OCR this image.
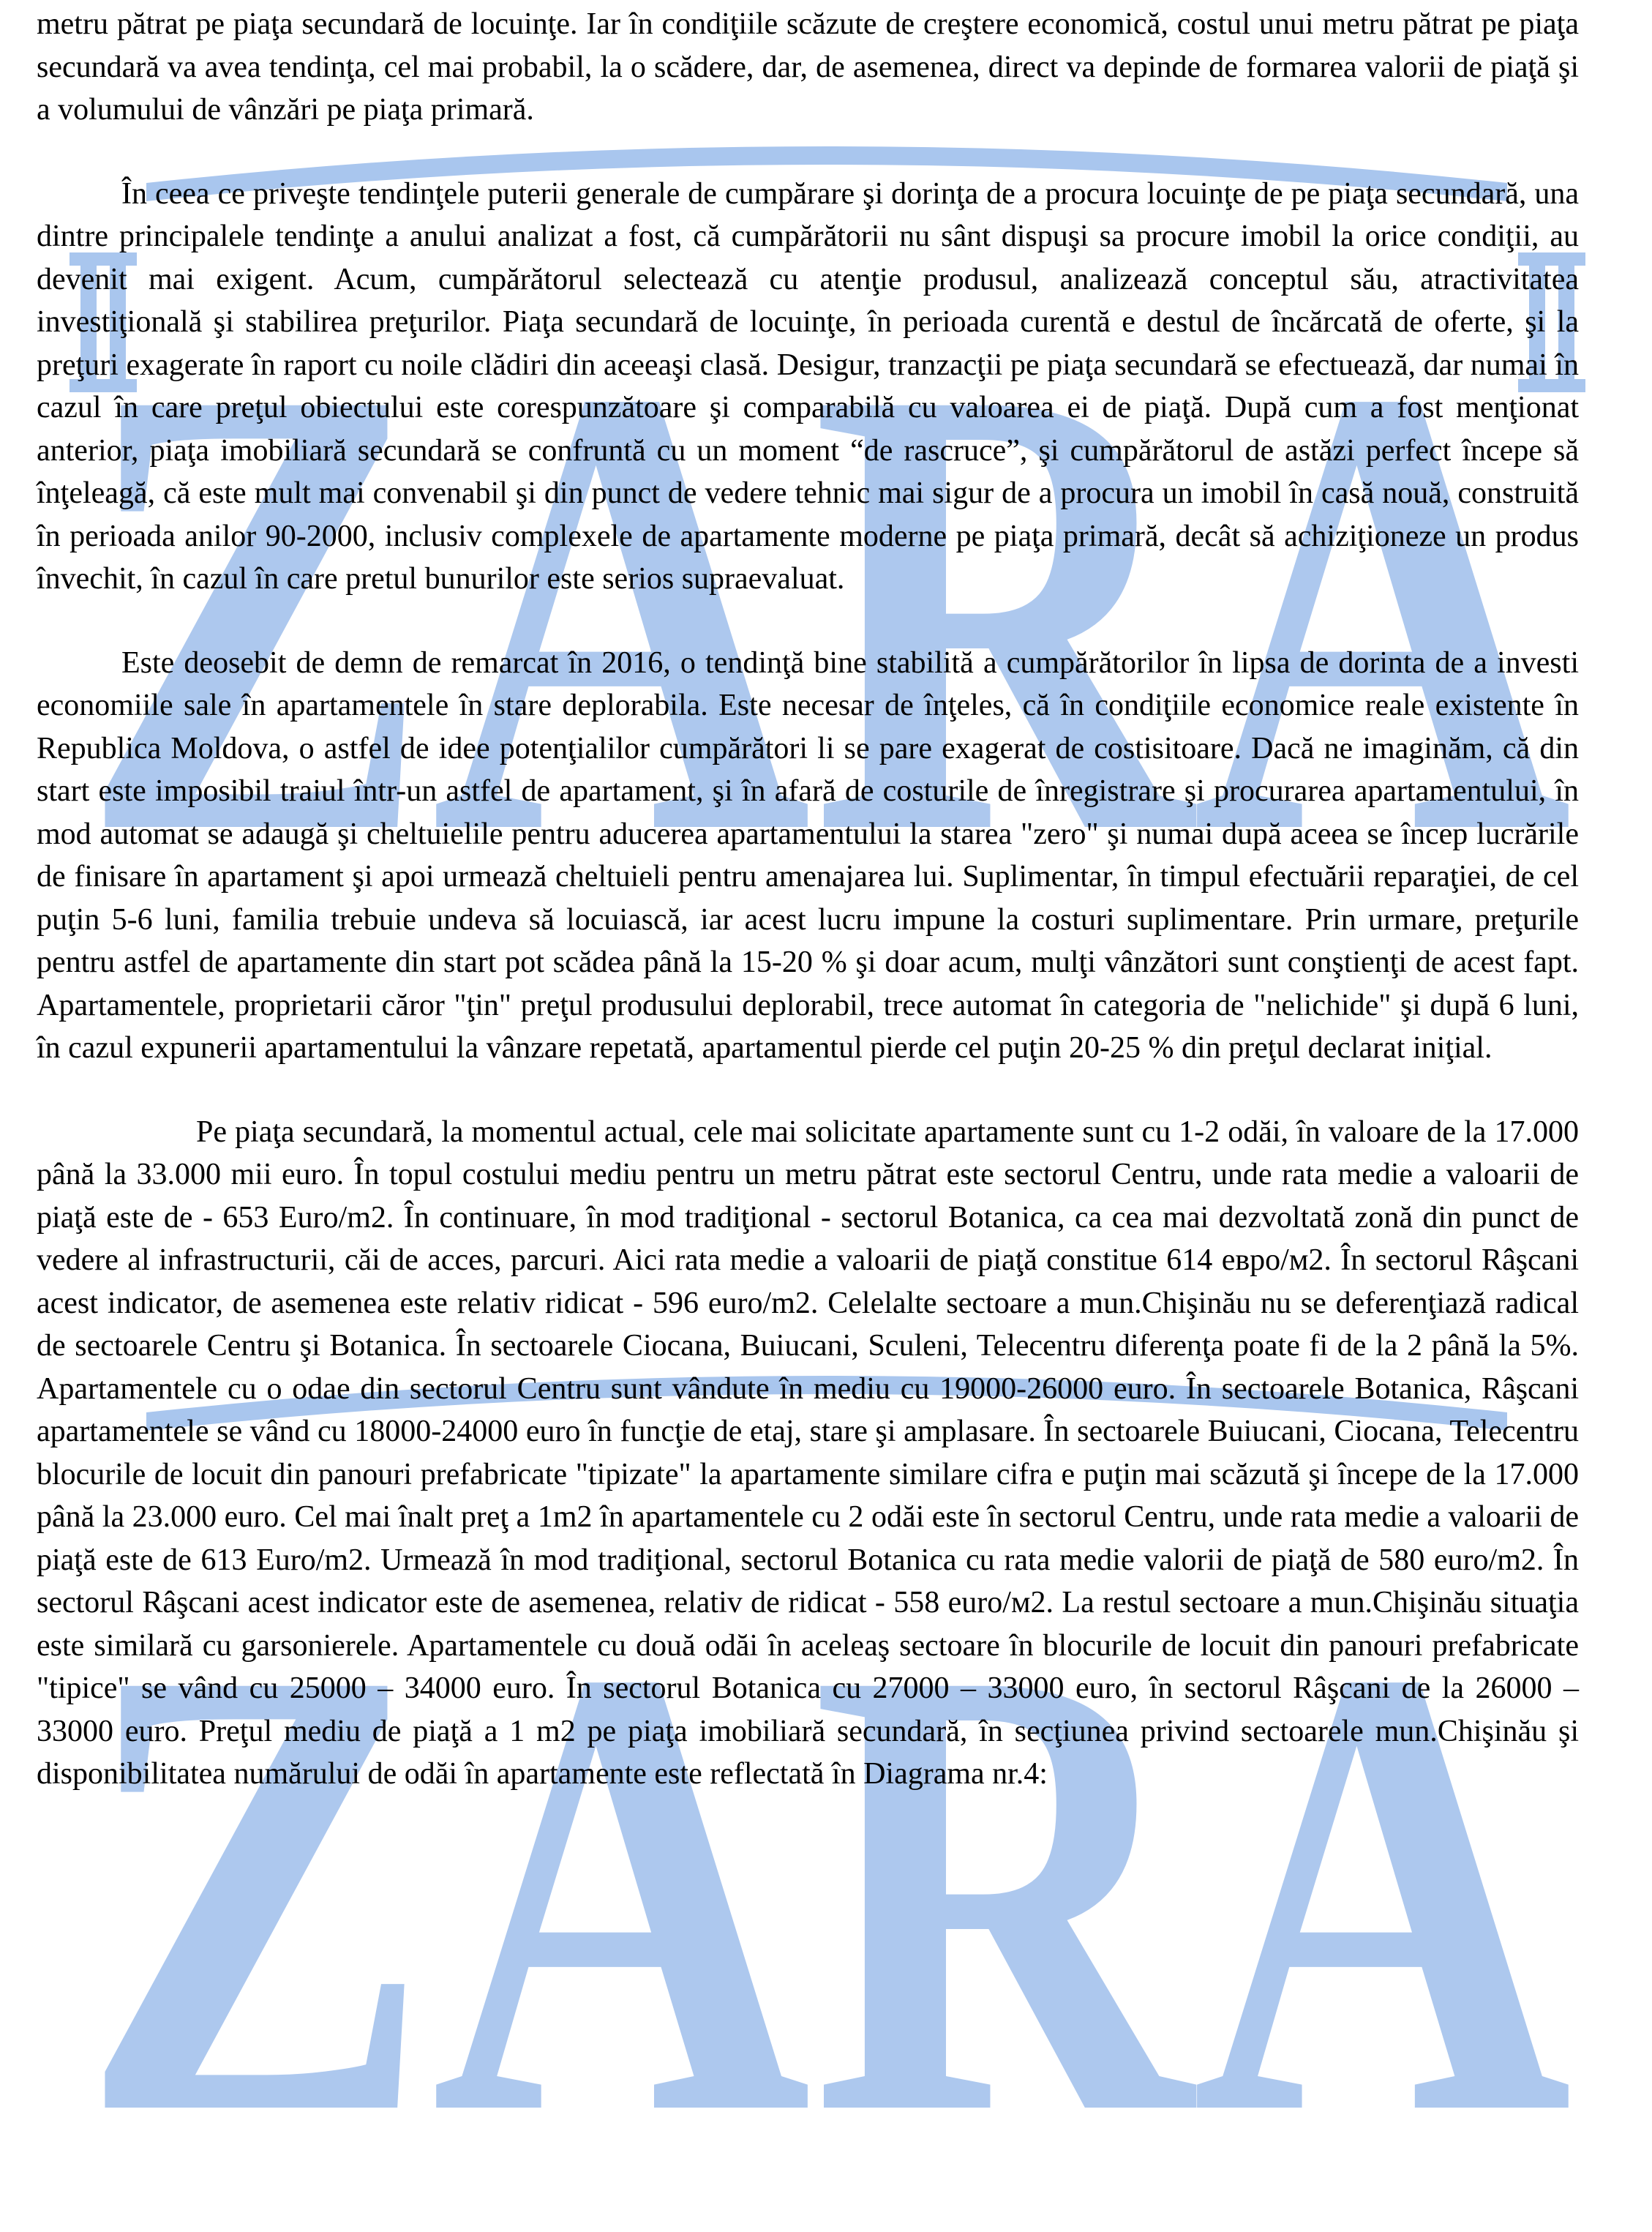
ZARA
ZARA

metru pătrat pe piaţa secundară de locuinţe. Iar în condiţiile scăzute de creştere economică, costul unui metru pătrat pe piaţa secundară va avea tendinţa, cel mai probabil, la o scădere, dar, de asemenea, direct va depinde de formarea valorii de piaţă şi a volumului de vânzări pe piaţa primară.

În ceea ce priveşte tendinţele puterii generale de cumpărare şi dorinţa de a procura locuinţe de pe piaţa secundară, una dintre principalele tendinţe a anului analizat a fost, că cumpărătorii nu sânt dispuşi sa procure imobil la orice condiţii, au devenit mai exigent. Acum, cumpărătorul selectează cu atenţie produsul, analizează conceptul său, atractivitatea investiţională şi stabilirea preţurilor. Piaţa secundară de locuinţe, în perioada curentă e destul de încărcată de oferte, şi la preţuri exagerate în raport cu noile clădiri din aceeaşi clasă. Desigur, tranzacţii pe piaţa secundară se efectuează, dar numai în cazul în care preţul obiectului este corespunzătoare şi comparabilă cu valoarea ei de piaţă. După cum a fost menţionat anterior, piaţa imobiliară secundară se confruntă cu un moment “de rascruce”, şi cumpărătorul de astăzi perfect începe să înţeleagă, că este mult mai convenabil şi din punct de vedere tehnic mai sigur de a procura un imobil în casă nouă, construită în perioada anilor 90-2000, inclusiv complexele de apartamente moderne pe piaţa primară, decât să achiziţioneze un produs învechit, în cazul în care pretul bunurilor este serios supraevaluat.

Este deosebit de demn de remarcat în 2016, o tendinţă bine stabilită a cumpărătorilor în lipsa de dorinta de a investi economiile sale în apartamentele în stare deplorabila. Este necesar de înţeles, că în condiţiile economice reale existente în Republica Moldova, o astfel de idee potenţialilor cumpărători li se pare exagerat de costisitoare. Dacă ne imaginăm, că din start este imposibil traiul într-un astfel de apartament, şi în afară de costurile de înregistrare şi procurarea apartamentului, în mod automat se adaugă şi cheltuielile pentru aducerea apartamentului la starea "zero" şi numai după aceea se încep lucrările de finisare în apartament şi apoi urmează cheltuieli pentru amenajarea lui. Suplimentar, în timpul efectuării reparaţiei, de cel puţin 5-6 luni, familia trebuie undeva să locuiască, iar acest lucru impune la costuri suplimentare. Prin urmare, preţurile pentru astfel de apartamente din start pot scădea până la 15-20 % şi doar acum, mulţi vânzători sunt conştienţi de acest fapt. Apartamentele, proprietarii căror "ţin" preţul produsului deplorabil, trece automat în categoria de "nelichide" şi după 6 luni, în cazul expunerii apartamentului la vânzare repetată, apartamentul pierde cel puţin 20-25 % din preţul declarat iniţial.

Pe piaţa secundară, la momentul actual, cele mai solicitate apartamente sunt cu 1-2 odăi, în valoare de la 17.000 până la 33.000 mii euro. În topul costului mediu pentru un metru pătrat este sectorul Centru, unde rata medie a valoarii de piaţă este de - 653 Euro/m2. În continuare, în mod tradiţional - sectorul Botanica, ca cea mai dezvoltată zonă din punct de vedere al infrastructurii, căi de acces, parcuri. Aici rata medie a valoarii de piaţă constitue 614 евро/м2. În sectorul Râşcani acest indicator, de asemenea este relativ ridicat - 596 euro/m2. Celelalte sectoare a mun.Chişinău nu se deferenţiază radical de sectoarele Centru şi Botanica. În sectoarele Ciocana, Buiucani, Sculeni, Telecentru diferenţa poate fi de la 2 până la 5%. Apartamentele cu o odae din sectorul Centru sunt vândute în mediu cu 19000-26000 euro. În sectoarele Botanica, Râşcani apartamentele se vând cu 18000-24000 euro în funcţie de etaj, stare şi amplasare. În sectoarele Buiucani, Ciocana, Telecentru blocurile de locuit din panouri prefabricate "tipizate" la apartamente similare cifra e puţin mai scăzută şi începe de la 17.000 până la 23.000 euro. Cel mai înalt preţ a 1m2 în apartamentele cu 2 odăi este în sectorul Centru, unde rata medie a valoarii de piaţă este de 613 Euro/m2. Urmează în mod tradiţional, sectorul Botanica cu rata medie valorii de piaţă de 580 euro/m2. În sectorul Râşcani acest indicator este de asemenea, relativ de ridicat - 558 euro/м2. La restul sectoare a mun.Chişinău situaţia este similară cu garsonierele. Apartamentele cu două odăi în aceleaş sectoare în blocurile de locuit din panouri prefabricate "tipice" se vând cu 25000 – 34000 euro. În sectorul Botanica cu 27000 – 33000 euro, în sectorul Râşcani de la 26000 – 33000 euro. Preţul mediu de piaţă a 1 m2 pe piaţa imobiliară secundară, în secţiunea privind sectoarele mun.Chişinău şi disponibilitatea numărului de odăi în apartamente este reflectată în Diagrama nr.4:
